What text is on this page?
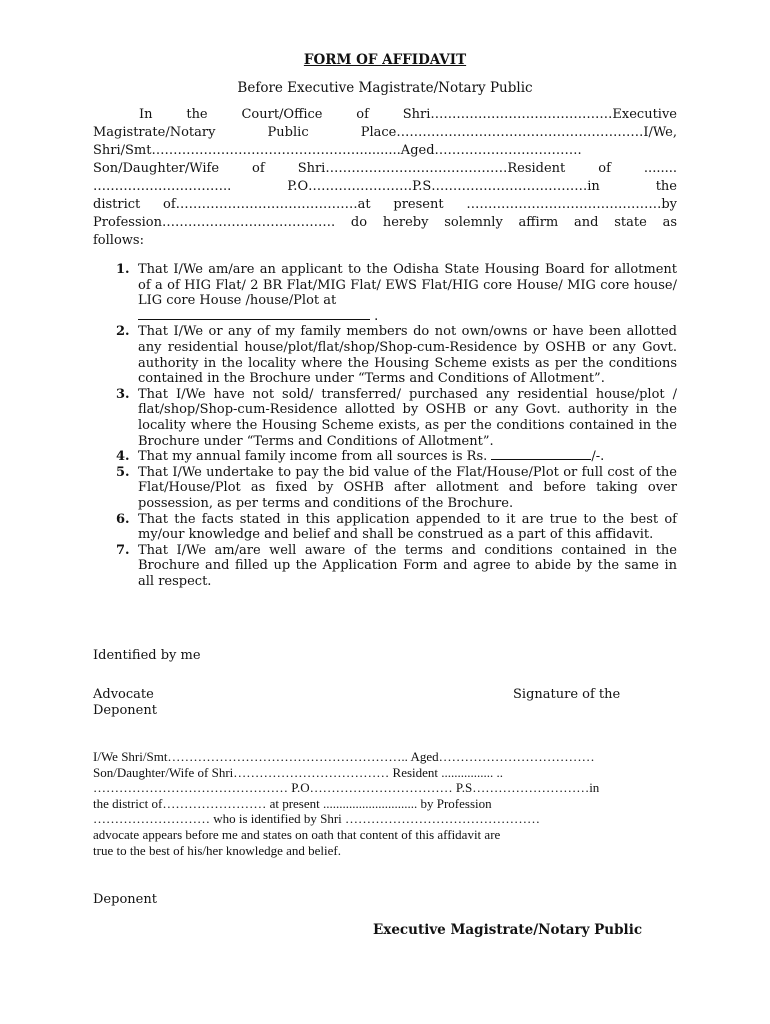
FORM OF AFFIDAVIT
Before Executive Magistrate/Notary Public

In the Court/Office of Shri……………………………………Executive

Magistrate/Notary Public Place…………………………………………………I/We,

Shri/Smt…………………………………………..........Aged…………………………….

Son/Daughter/Wife of Shri……………………………………Resident of ........

………………………….. P.O……………………P.S………………………………in the

district of……………………………………at present ………………………………………by

Profession…………………………………. do hereby solemnly affirm and state as

follows:

1. That I/We am/are an applicant to the Odisha State Housing Board for allotment of a of HIG Flat/ 2 BR Flat/MIG Flat/ EWS Flat/HIG core House/ MIG core house/ LIG core House /house/Plot at
.
2. That I/We or any of my family members do not own/owns or have been allotted any residential house/plot/flat/shop/Shop-cum-Residence by OSHB or any Govt. authority in the locality where the Housing Scheme exists as per the conditions contained in the Brochure under “Terms and Conditions of Allotment”.
3. That I/We have not sold/ transferred/ purchased any residential house/plot / flat/shop/Shop-cum-Residence allotted by OSHB or any Govt. authority in the locality where the Housing Scheme exists, as per the conditions contained in the Brochure under “Terms and Conditions of Allotment”.
4. That my annual family income from all sources is Rs.	/-.
5. That I/We undertake to pay the bid value of the Flat/House/Plot or full cost of the Flat/House/Plot as fixed by OSHB after allotment and before taking over possession, as per terms and conditions of the Brochure.
6. That the facts stated in this application appended to it are true to the best of my/our knowledge and belief and shall be construed as a part of this affidavit.
7. That I/We am/are well aware of the terms and conditions contained in the Brochure and filled up the Application Form and agree to abide by the same in all respect.
Identified by me
Advocate	Signature of the
Deponent

I/We Shri/Smt……………………………………………….. Aged………………………………

Son/Daughter/Wife of Shri……………………………… Resident ................ ..

……………………………………… P.O…………………………… P.S………………………in

the district of…………………… at present ............................. by Profession

……………………… who is identified by Shri ………………………………………

advocate appears before me and states on oath that content of this affidavit are

true to the best of his/her knowledge and belief.

Deponent
Executive Magistrate/Notary Public
